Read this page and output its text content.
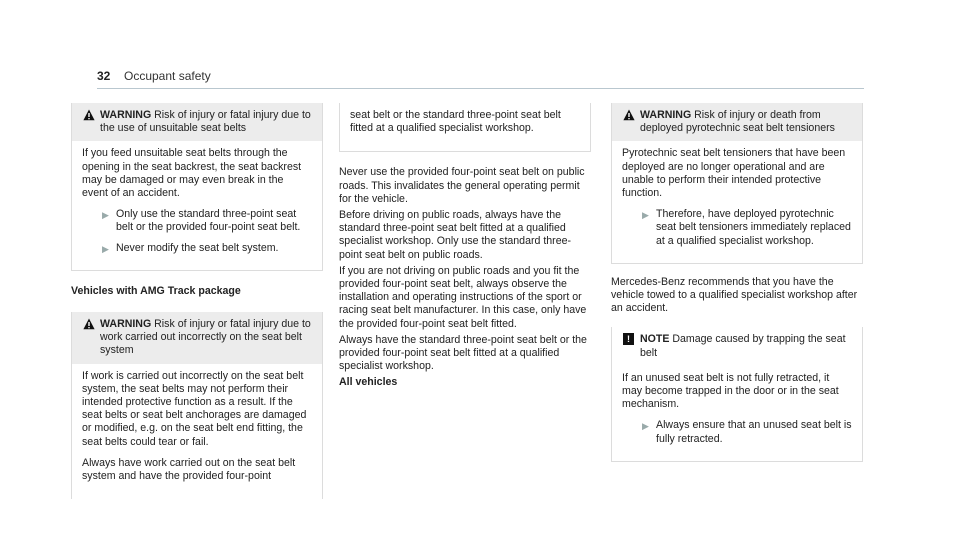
32 Occupant safety
WARNING Risk of injury or fatal injury due to the use of unsuitable seat belts

If you feed unsuitable seat belts through the opening in the seat backrest, the seat backrest may be damaged or may even break in the event of an accident.

▶ Only use the standard three-point seat belt or the provided four-point seat belt.
▶ Never modify the seat belt system.
Vehicles with AMG Track package
WARNING Risk of injury or fatal injury due to work carried out incorrectly on the seat belt system

If work is carried out incorrectly on the seat belt system, the seat belts may not perform their intended protective function as a result. If the seat belts or seat belt anchorages are damaged or modified, e.g. on the seat belt end fitting, the seat belts could tear or fail.

Always have work carried out on the seat belt system and have the provided four-point

seat belt or the standard three-point seat belt fitted at a qualified specialist workshop.

Never use the provided four-point seat belt on public roads. This invalidates the general operating permit for the vehicle.

Before driving on public roads, always have the standard three-point seat belt fitted at a qualified specialist workshop. Only use the standard three-point seat belt on public roads.

If you are not driving on public roads and you fit the provided four-point seat belt, always observe the installation and operating instructions of the sport or racing seat belt manufacturer. In this case, only have the provided four-point seat belt fitted.

Always have the standard three-point seat belt or the provided four-point seat belt fitted at a qualified specialist workshop.

All vehicles

WARNING Risk of injury or death from deployed pyrotechnic seat belt tensioners

Pyrotechnic seat belt tensioners that have been deployed are no longer operational and are unable to perform their intended protective function.

▶ Therefore, have deployed pyrotechnic seat belt tensioners immediately replaced at a qualified specialist workshop.

Mercedes-Benz recommends that you have the vehicle towed to a qualified specialist workshop after an accident.

! NOTE Damage caused by trapping the seat belt

If an unused seat belt is not fully retracted, it may become trapped in the door or in the seat mechanism.

▶ Always ensure that an unused seat belt is fully retracted.
